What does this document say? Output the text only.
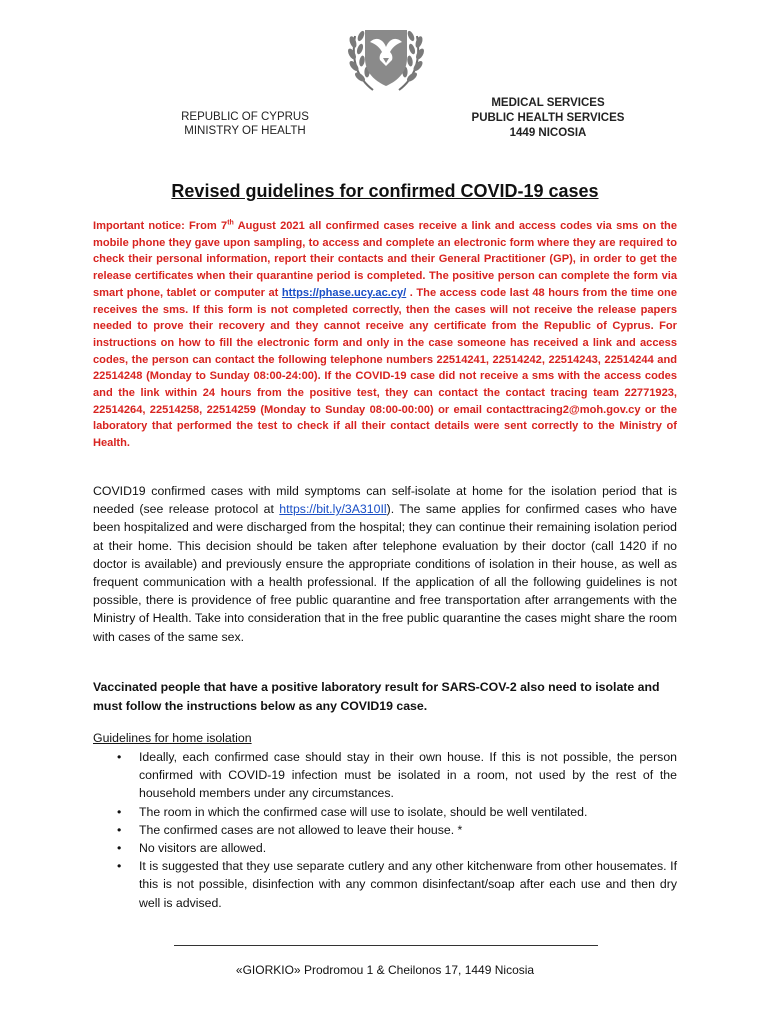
REPUBLIC OF CYPRUS
MINISTRY OF HEALTH
MEDICAL SERVICES
PUBLIC HEALTH SERVICES
1449 NICOSIA
Revised guidelines for confirmed COVID-19 cases

Important notice: From 7th August 2021 all confirmed cases receive a link and access codes via sms on the mobile phone they gave upon sampling, to access and complete an electronic form where they are required to check their personal information, report their contacts and their General Practitioner (GP), in order to get the release certificates when their quarantine period is completed. The positive person can complete the form via smart phone, tablet or computer at https://phase.ucy.ac.cy/ . The access code last 48 hours from the time one receives the sms. If this form is not completed correctly, then the cases will not receive the release papers needed to prove their recovery and they cannot receive any certificate from the Republic of Cyprus. For instructions on how to fill the electronic form and only in the case someone has received a link and access codes, the person can contact the following telephone numbers 22514241, 22514242, 22514243, 22514244 and 22514248 (Monday to Sunday 08:00-24:00). If the COVID-19 case did not receive a sms with the access codes and the link within 24 hours from the positive test, they can contact the contact tracing team 22771923, 22514264, 22514258, 22514259 (Monday to Sunday 08:00-00:00) or email contacttracing2@moh.gov.cy or the laboratory that performed the test to check if all their contact details were sent correctly to the Ministry of Health.

COVID19 confirmed cases with mild symptoms can self-isolate at home for the isolation period that is needed (see release protocol at https://bit.ly/3A310Il). The same applies for confirmed cases who have been hospitalized and were discharged from the hospital; they can continue their remaining isolation period at their home. This decision should be taken after telephone evaluation by their doctor (call 1420 if no doctor is available) and previously ensure the appropriate conditions of isolation in their house, as well as frequent communication with a health professional. If the application of all the following guidelines is not possible, there is providence of free public quarantine and free transportation after arrangements with the Ministry of Health. Take into consideration that in the free public quarantine the cases might share the room with cases of the same sex.

Vaccinated people that have a positive laboratory result for SARS-COV-2 also need to isolate and must follow the instructions below as any COVID19 case.

Guidelines for home isolation
• Ideally, each confirmed case should stay in their own house. If this is not possible, the person confirmed with COVID-19 infection must be isolated in a room, not used by the rest of the household members under any circumstances.
• The room in which the confirmed case will use to isolate, should be well ventilated.
• The confirmed cases are not allowed to leave their house. *
• No visitors are allowed.
• It is suggested that they use separate cutlery and any other kitchenware from other housemates. If this is not possible, disinfection with any common disinfectant/soap after each use and then dry well is advised.
«GIORKIO» Prodromou 1 & Cheilonos 17, 1449 Nicosia
